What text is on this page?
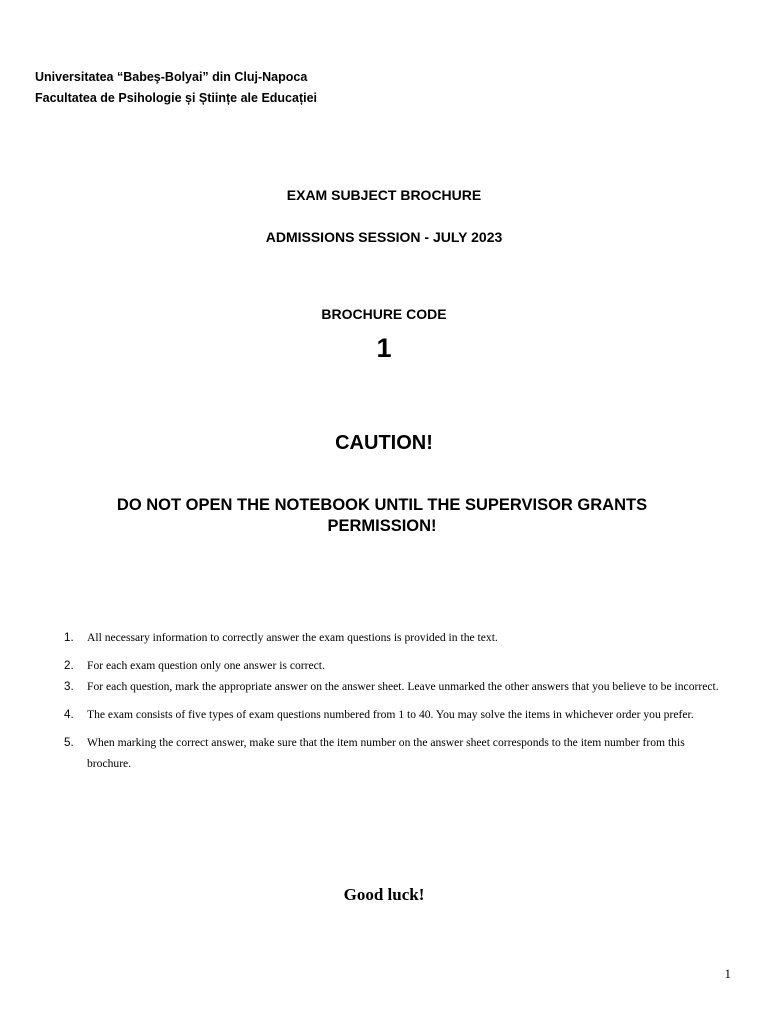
Universitatea “Babeş-Bolyai” din Cluj-Napoca
Facultatea de Psihologie și Științe ale Educației
EXAM SUBJECT BROCHURE
ADMISSIONS SESSION - JULY 2023
BROCHURE CODE
1
CAUTION!
DO NOT OPEN THE NOTEBOOK UNTIL THE SUPERVISOR GRANTS PERMISSION!
1.	All necessary information to correctly answer the exam questions is provided in the text.
2.	For each exam question only one answer is correct.
3.	For each question, mark the appropriate answer on the answer sheet. Leave unmarked the other answers that you believe to be incorrect.
4.	The exam consists of five types of exam questions numbered from 1 to 40. You may solve the items in whichever order you prefer.
5.	When marking the correct answer, make sure that the item number on the answer sheet corresponds to the item number from this brochure.
Good luck!
1
